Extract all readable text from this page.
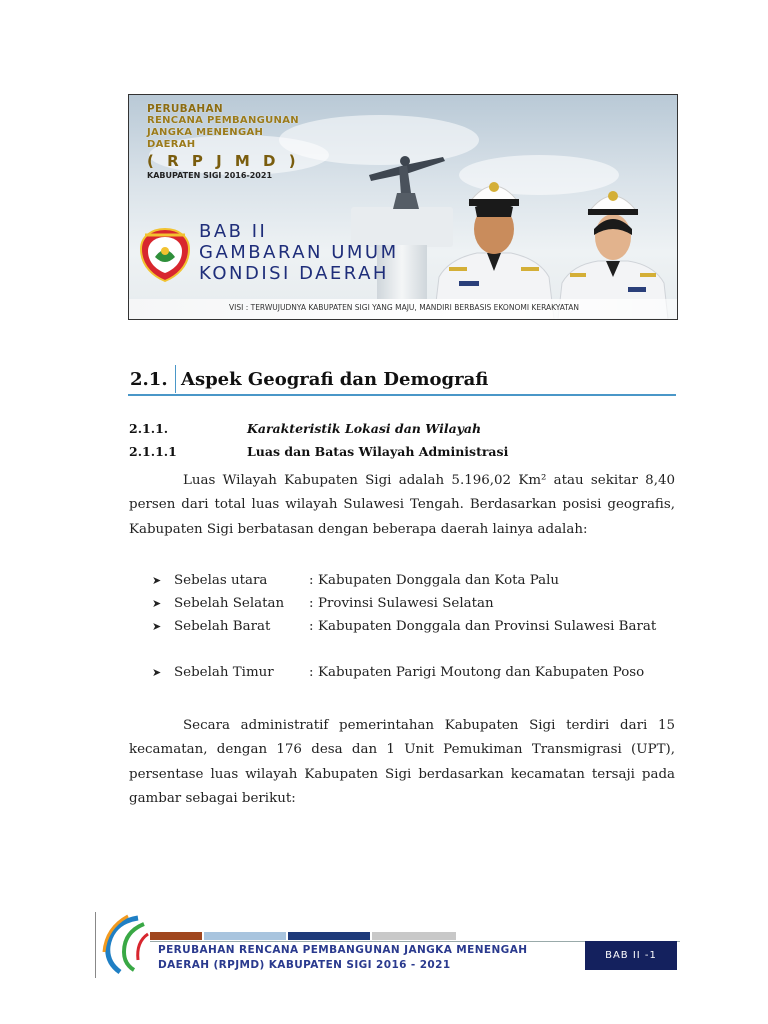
PERUBAHAN
RENCANA PEMBANGUNAN
JANGKA MENENGAH
DAERAH
( R P J M D )
KABUPATEN SIGI 2016-2021
BAB II
GAMBARAN UMUM
KONDISI DAERAH
VISI : TERWUJUDNYA KABUPATEN SIGI YANG MAJU, MANDIRI BERBASIS EKONOMI KERAKYATAN
2.1. Aspek Geografi dan Demografi
2.1.1.	Karakteristik Lokasi dan Wilayah
2.1.1.1	Luas dan Batas Wilayah Administrasi

Luas Wilayah Kabupaten Sigi adalah 5.196,02 Km² atau sekitar 8,40 persen dari total luas wilayah Sulawesi Tengah. Berdasarkan posisi geografis, Kabupaten Sigi berbatasan dengan beberapa daerah lainya adalah:

➤ Sebelas utara	: Kabupaten Donggala dan Kota Palu
➤ Sebelah Selatan : Provinsi Sulawesi Selatan
➤ Sebelah Barat	: Kabupaten Donggala dan Provinsi Sulawesi Barat
➤ Sebelah Timur	: Kabupaten Parigi Moutong dan Kabupaten Poso

Secara administratif pemerintahan Kabupaten Sigi terdiri dari 15 kecamatan, dengan 176 desa dan 1 Unit Pemukiman Transmigrasi (UPT), persentase luas wilayah Kabupaten Sigi berdasarkan kecamatan tersaji pada gambar sebagai berikut:

PERUBAHAN RENCANA PEMBANGUNAN JANGKA MENENGAH
DAERAH (RPJMD) KABUPATEN SIGI 2016 - 2021
BAB II -1
